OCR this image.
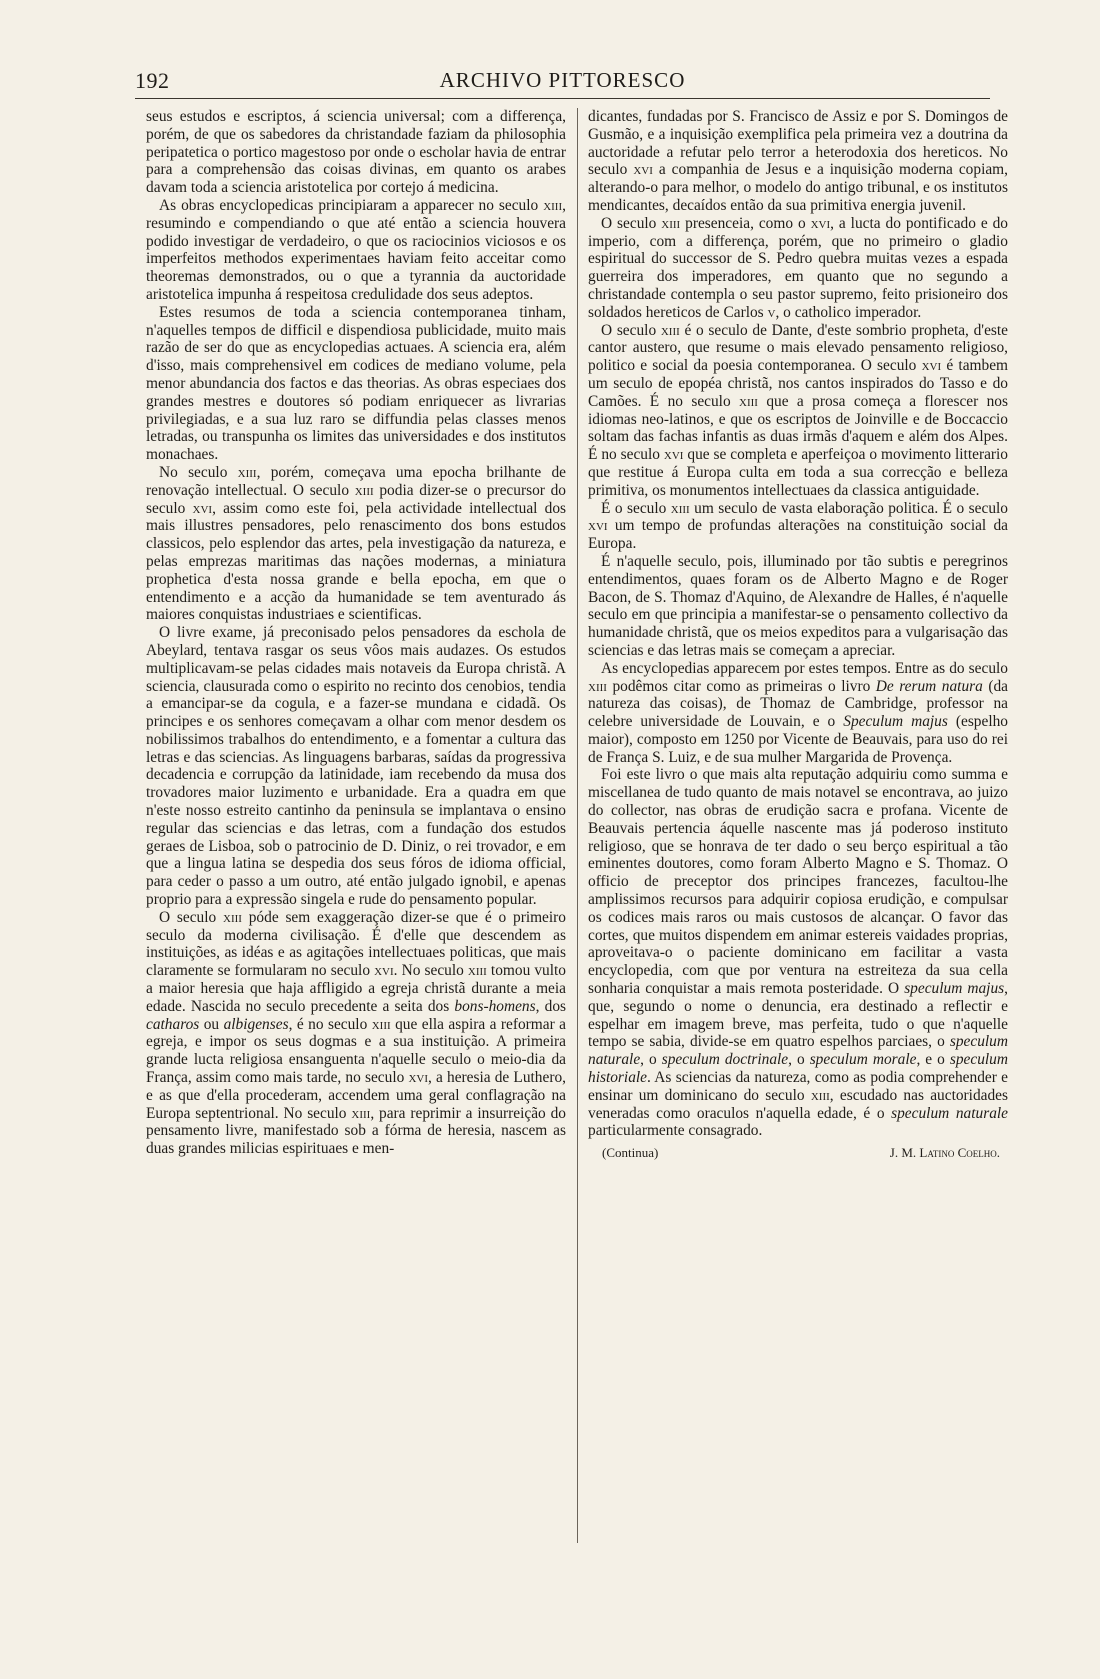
192	ARCHIVO PITTORESCO

seus estudos e escriptos, á sciencia universal; com a differença, porém, de que os sabedores da christandade faziam da philosophia peripatetica o portico magestoso por onde o escholar havia de entrar para a comprehensão das coisas divinas, em quanto os arabes davam toda a sciencia aristotelica por cortejo á medicina.

As obras encyclopedicas principiaram a apparecer no seculo xiii, resumindo e compendiando o que até então a sciencia houvera podido investigar de verdadeiro, o que os raciocinios viciosos e os imperfeitos methodos experimentaes haviam feito acceitar como theoremas demonstrados, ou o que a tyrannia da auctoridade aristotelica impunha á respeitosa credulidade dos seus adeptos.

Estes resumos de toda a sciencia contemporanea tinham, n'aquelles tempos de difficil e dispendiosa publicidade, muito mais razão de ser do que as encyclopedias actuaes. A sciencia era, além d'isso, mais comprehensivel em codices de mediano volume, pela menor abundancia dos factos e das theorias. As obras especiaes dos grandes mestres e doutores só podiam enriquecer as livrarias privilegiadas, e a sua luz raro se diffundia pelas classes menos letradas, ou transpunha os limites das universidades e dos institutos monachaes.

No seculo xiii, porém, começava uma epocha brilhante de renovação intellectual. O seculo xiii podia dizer-se o precursor do seculo xvi, assim como este foi, pela actividade intellectual dos mais illustres pensadores, pelo renascimento dos bons estudos classicos, pelo esplendor das artes, pela investigação da natureza, e pelas emprezas maritimas das nações modernas, a miniatura prophetica d'esta nossa grande e bella epocha, em que o entendimento e a acção da humanidade se tem aventurado ás maiores conquistas industriaes e scientificas.

O livre exame, já preconisado pelos pensadores da eschola de Abeylard, tentava rasgar os seus vôos mais audazes. Os estudos multiplicavam-se pelas cidades mais notaveis da Europa christã. A sciencia, clausurada como o espirito no recinto dos cenobios, tendia a emancipar-se da cogula, e a fazer-se mundana e cidadã. Os principes e os senhores começavam a olhar com menor desdem os nobilissimos trabalhos do entendimento, e a fomentar a cultura das letras e das sciencias. As linguagens barbaras, saídas da progressiva decadencia e corrupção da latinidade, iam recebendo da musa dos trovadores maior luzimento e urbanidade. Era a quadra em que n'este nosso estreito cantinho da peninsula se implantava o ensino regular das sciencias e das letras, com a fundação dos estudos geraes de Lisboa, sob o patrocinio de D. Diniz, o rei trovador, e em que a lingua latina se despedia dos seus fóros de idioma official, para ceder o passo a um outro, até então julgado ignobil, e apenas proprio para a expressão singela e rude do pensamento popular.

O seculo xiii póde sem exaggeração dizer-se que é o primeiro seculo da moderna civilisação. É d'elle que descendem as instituições, as idéas e as agitações intellectuaes politicas, que mais claramente se formularam no seculo xvi. No seculo xiii tomou vulto a maior heresia que haja affligido a egreja christã durante a meia edade. Nascida no seculo precedente a seita dos bons-homens, dos catharos ou albigenses, é no seculo xiii que ella aspira a reformar a egreja, e impor os seus dogmas e a sua instituição. A primeira grande lucta religiosa ensanguenta n'aquelle seculo o meio-dia da França, assim como mais tarde, no seculo xvi, a heresia de Luthero, e as que d'ella procederam, accendem uma geral conflagração na Europa septentrional. No seculo xiii, para reprimir a insurreição do pensamento livre, manifestado sob a fórma de heresia, nascem as duas grandes milicias espirituaes e men-

dicantes, fundadas por S. Francisco de Assiz e por S. Domingos de Gusmão, e a inquisição exemplifica pela primeira vez a doutrina da auctoridade a refutar pelo terror a heterodoxia dos hereticos. No seculo xvi a companhia de Jesus e a inquisição moderna copiam, alterando-o para melhor, o modelo do antigo tribunal, e os institutos mendicantes, decaídos então da sua primitiva energia juvenil.

O seculo xiii presenceia, como o xvi, a lucta do pontificado e do imperio, com a differença, porém, que no primeiro o gladio espiritual do successor de S. Pedro quebra muitas vezes a espada guerreira dos imperadores, em quanto que no segundo a christandade contempla o seu pastor supremo, feito prisioneiro dos soldados hereticos de Carlos v, o catholico imperador.

O seculo xiii é o seculo de Dante, d'este sombrio propheta, d'este cantor austero, que resume o mais elevado pensamento religioso, politico e social da poesia contemporanea. O seculo xvi é tambem um seculo de epopéa christã, nos cantos inspirados do Tasso e do Camões. É no seculo xiii que a prosa começa a florescer nos idiomas neo-latinos, e que os escriptos de Joinville e de Boccaccio soltam das fachas infantis as duas irmãs d'aquem e além dos Alpes. É no seculo xvi que se completa e aperfeiçoa o movimento litterario que restitue á Europa culta em toda a sua correcção e belleza primitiva, os monumentos intellectuaes da classica antiguidade.

É o seculo xiii um seculo de vasta elaboração politica. É o seculo xvi um tempo de profundas alterações na constituição social da Europa.

É n'aquelle seculo, pois, illuminado por tão subtis e peregrinos entendimentos, quaes foram os de Alberto Magno e de Roger Bacon, de S. Thomaz d'Aquino, de Alexandre de Halles, é n'aquelle seculo em que principia a manifestar-se o pensamento collectivo da humanidade christã, que os meios expeditos para a vulgarisação das sciencias e das letras mais se começam a apreciar.

As encyclopedias apparecem por estes tempos. Entre as do seculo xiii podêmos citar como as primeiras o livro De rerum natura (da natureza das coisas), de Thomaz de Cambridge, professor na celebre universidade de Louvain, e o Speculum majus (espelho maior), composto em 1250 por Vicente de Beauvais, para uso do rei de França S. Luiz, e de sua mulher Margarida de Provença.

Foi este livro o que mais alta reputação adquiriu como summa e miscellanea de tudo quanto de mais notavel se encontrava, ao juizo do collector, nas obras de erudição sacra e profana. Vicente de Beauvais pertencia áquelle nascente mas já poderoso instituto religioso, que se honrava de ter dado o seu berço espiritual a tão eminentes doutores, como foram Alberto Magno e S. Thomaz. O officio de preceptor dos principes francezes, facultou-lhe amplissimos recursos para adquirir copiosa erudição, e compulsar os codices mais raros ou mais custosos de alcançar. O favor das cortes, que muitos dispendem em animar estereis vaidades proprias, aproveitava-o o paciente dominicano em facilitar a vasta encyclopedia, com que por ventura na estreiteza da sua cella sonharia conquistar a mais remota posteridade. O speculum majus, que, segundo o nome o denuncia, era destinado a reflectir e espelhar em imagem breve, mas perfeita, tudo o que n'aquelle tempo se sabia, divide-se em quatro espelhos parciaes, o speculum naturale, o speculum doctrinale, o speculum morale, e o speculum historiale. As sciencias da natureza, como as podia comprehender e ensinar um dominicano do seculo xiii, escudado nas auctoridades veneradas como oraculos n'aquella edade, é o speculum naturale particularmente consagrado.

(Continua)	J. M. Latino Coelho.
